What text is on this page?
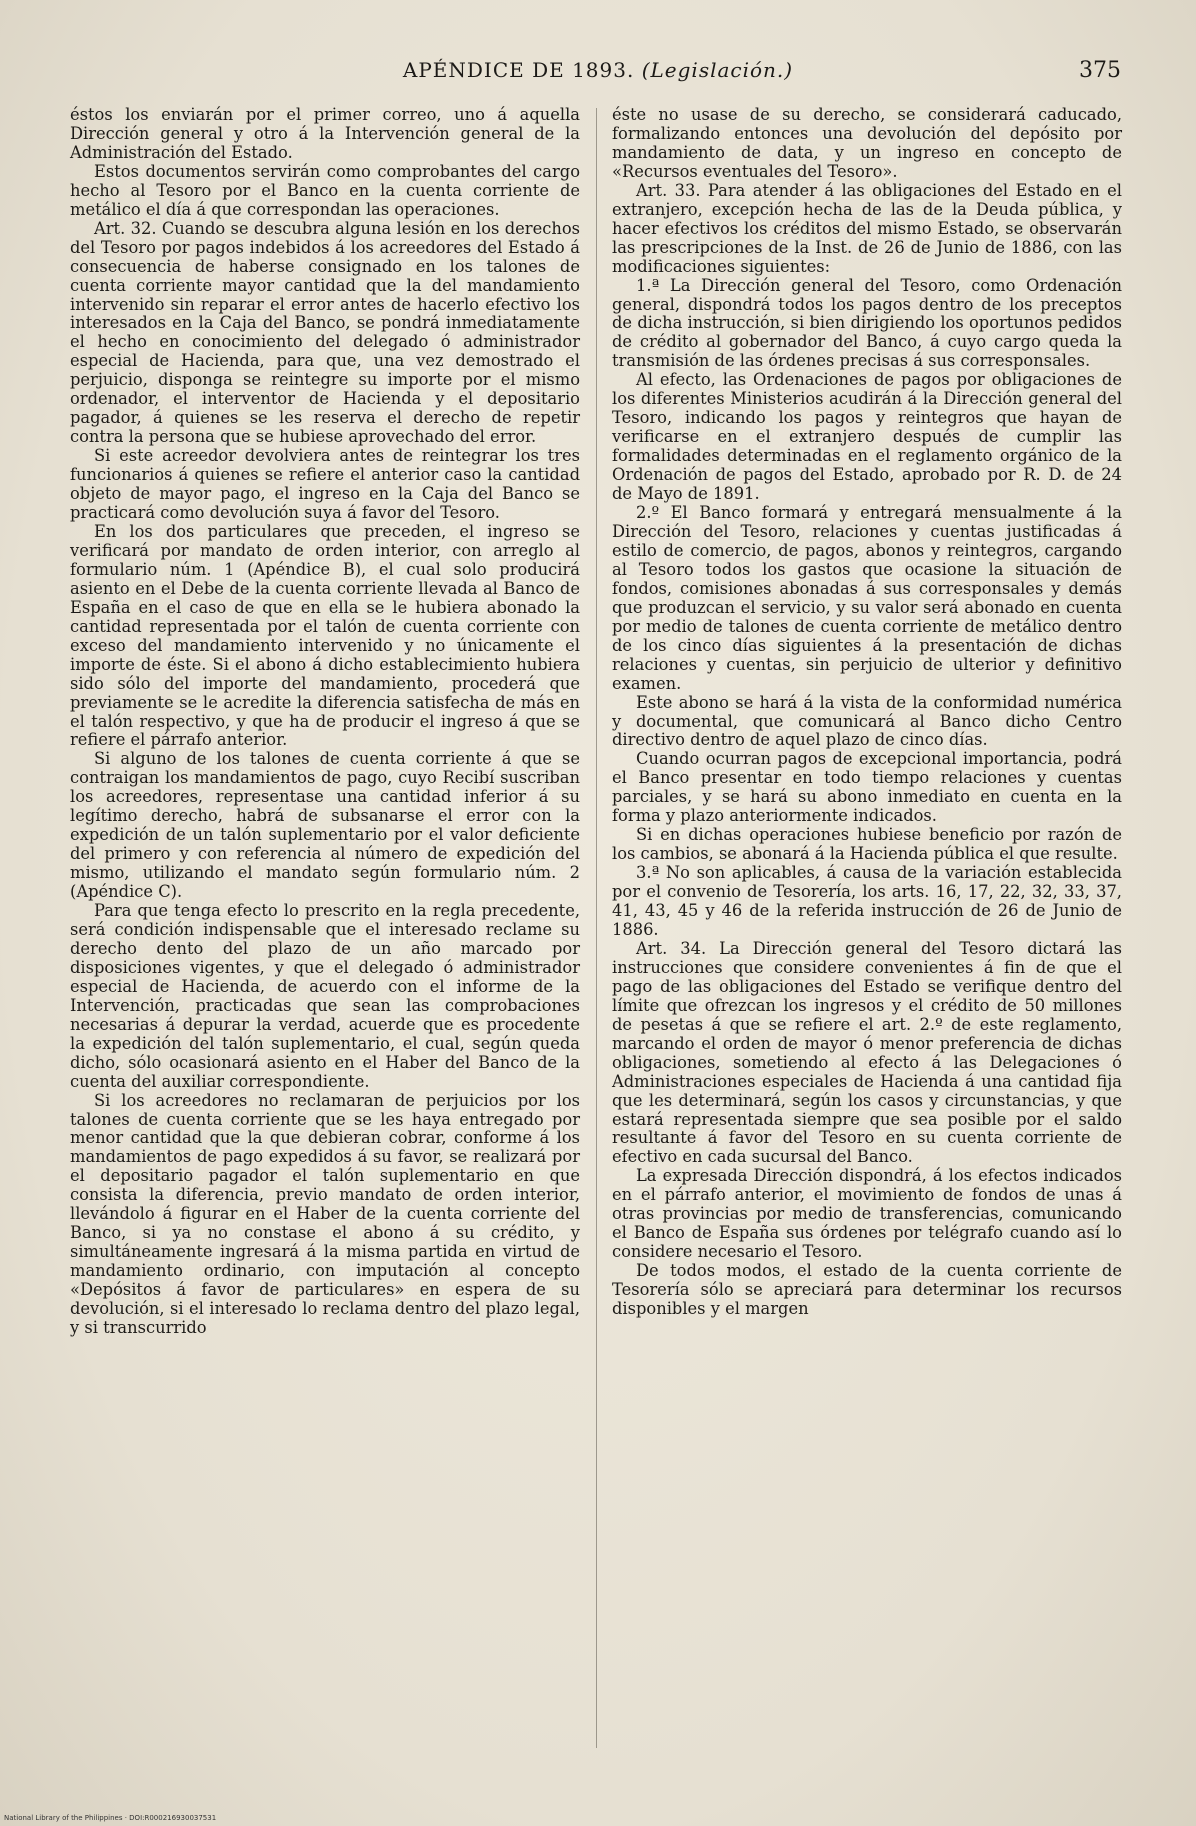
APÉNDICE DE 1893. (Legislación.)	375

éstos los enviarán por el primer correo, uno á aquella Dirección general y otro á la Intervención general de la Administración del Estado.

Estos documentos servirán como comprobantes del cargo hecho al Tesoro por el Banco en la cuenta corriente de metálico el día á que correspondan las operaciones.

Art. 32. Cuando se descubra alguna lesión en los derechos del Tesoro por pagos indebidos á los acreedores del Estado á consecuencia de haberse consignado en los talones de cuenta corriente mayor cantidad que la del mandamiento intervenido sin reparar el error antes de hacerlo efectivo los interesados en la Caja del Banco, se pondrá inmediatamente el hecho en conocimiento del delegado ó administrador especial de Hacienda, para que, una vez demostrado el perjuicio, disponga se reintegre su importe por el mismo ordenador, el interventor de Hacienda y el depositario pagador, á quienes se les reserva el derecho de repetir contra la persona que se hubiese aprovechado del error.

Si este acreedor devolviera antes de reintegrar los tres funcionarios á quienes se refiere el anterior caso la cantidad objeto de mayor pago, el ingreso en la Caja del Banco se practicará como devolución suya á favor del Tesoro.

En los dos particulares que preceden, el ingreso se verificará por mandato de orden interior, con arreglo al formulario núm. 1 (Apéndice B), el cual solo producirá asiento en el Debe de la cuenta corriente llevada al Banco de España en el caso de que en ella se le hubiera abonado la cantidad representada por el talón de cuenta corriente con exceso del mandamiento intervenido y no únicamente el importe de éste. Si el abono á dicho establecimiento hubiera sido sólo del importe del mandamiento, procederá que previamente se le acredite la diferencia satisfecha de más en el talón respectivo, y que ha de producir el ingreso á que se refiere el párrafo anterior.

Si alguno de los talones de cuenta corriente á que se contraigan los mandamientos de pago, cuyo Recibí suscriban los acreedores, representase una cantidad inferior á su legítimo derecho, habrá de subsanarse el error con la expedición de un talón suplementario por el valor deficiente del primero y con referencia al número de expedición del mismo, utilizando el mandato según formulario núm. 2 (Apéndice C).

Para que tenga efecto lo prescrito en la regla precedente, será condición indispensable que el interesado reclame su derecho dento del plazo de un año marcado por disposiciones vigentes, y que el delegado ó administrador especial de Hacienda, de acuerdo con el informe de la Intervención, practicadas que sean las comprobaciones necesarias á depurar la verdad, acuerde que es procedente la expedición del talón suplementario, el cual, según queda dicho, sólo ocasionará asiento en el Haber del Banco de la cuenta del auxiliar correspondiente.

Si los acreedores no reclamaran de perjuicios por los talones de cuenta corriente que se les haya entregado por menor cantidad que la que debieran cobrar, conforme á los mandamientos de pago expedidos á su favor, se realizará por el depositario pagador el talón suplementario en que consista la diferencia, previo mandato de orden interior, llevándolo á figurar en el Haber de la cuenta corriente del Banco, si ya no constase el abono á su crédito, y simultáneamente ingresará á la misma partida en virtud de mandamiento ordinario, con imputación al concepto «Depósitos á favor de particulares» en espera de su devolución, si el interesado lo reclama dentro del plazo legal, y si transcurrido

éste no usase de su derecho, se considerará caducado, formalizando entonces una devolución del depósito por mandamiento de data, y un ingreso en concepto de «Recursos eventuales del Tesoro».

Art. 33. Para atender á las obligaciones del Estado en el extranjero, excepción hecha de las de la Deuda pública, y hacer efectivos los créditos del mismo Estado, se observarán las prescripciones de la Inst. de 26 de Junio de 1886, con las modificaciones siguientes:

1.ª La Dirección general del Tesoro, como Ordenación general, dispondrá todos los pagos dentro de los preceptos de dicha instrucción, si bien dirigiendo los oportunos pedidos de crédito al gobernador del Banco, á cuyo cargo queda la transmisión de las órdenes precisas á sus corresponsales.

Al efecto, las Ordenaciones de pagos por obligaciones de los diferentes Ministerios acudirán á la Dirección general del Tesoro, indicando los pagos y reintegros que hayan de verificarse en el extranjero después de cumplir las formalidades determinadas en el reglamento orgánico de la Ordenación de pagos del Estado, aprobado por R. D. de 24 de Mayo de 1891.

2.º El Banco formará y entregará mensualmente á la Dirección del Tesoro, relaciones y cuentas justificadas á estilo de comercio, de pagos, abonos y reintegros, cargando al Tesoro todos los gastos que ocasione la situación de fondos, comisiones abonadas á sus corresponsales y demás que produzcan el servicio, y su valor será abonado en cuenta por medio de talones de cuenta corriente de metálico dentro de los cinco días siguientes á la presentación de dichas relaciones y cuentas, sin perjuicio de ulterior y definitivo examen.

Este abono se hará á la vista de la conformidad numérica y documental, que comunicará al Banco dicho Centro directivo dentro de aquel plazo de cinco días.

Cuando ocurran pagos de excepcional importancia, podrá el Banco presentar en todo tiempo relaciones y cuentas parciales, y se hará su abono inmediato en cuenta en la forma y plazo anteriormente indicados.

Si en dichas operaciones hubiese beneficio por razón de los cambios, se abonará á la Hacienda pública el que resulte.

3.ª No son aplicables, á causa de la variación establecida por el convenio de Tesorería, los arts. 16, 17, 22, 32, 33, 37, 41, 43, 45 y 46 de la referida instrucción de 26 de Junio de 1886.

Art. 34. La Dirección general del Tesoro dictará las instrucciones que considere convenientes á fin de que el pago de las obligaciones del Estado se verifique dentro del límite que ofrezcan los ingresos y el crédito de 50 millones de pesetas á que se refiere el art. 2.º de este reglamento, marcando el orden de mayor ó menor preferencia de dichas obligaciones, sometiendo al efecto á las Delegaciones ó Administraciones especiales de Hacienda á una cantidad fija que les determinará, según los casos y circunstancias, y que estará representada siempre que sea posible por el saldo resultante á favor del Tesoro en su cuenta corriente de efectivo en cada sucursal del Banco.

La expresada Dirección dispondrá, á los efectos indicados en el párrafo anterior, el movimiento de fondos de unas á otras provincias por medio de transferencias, comunicando el Banco de España sus órdenes por telégrafo cuando así lo considere necesario el Tesoro.

De todos modos, el estado de la cuenta corriente de Tesorería sólo se apreciará para determinar los recursos disponibles y el margen

National Library of the Philippines · DOI:R000216930037531
